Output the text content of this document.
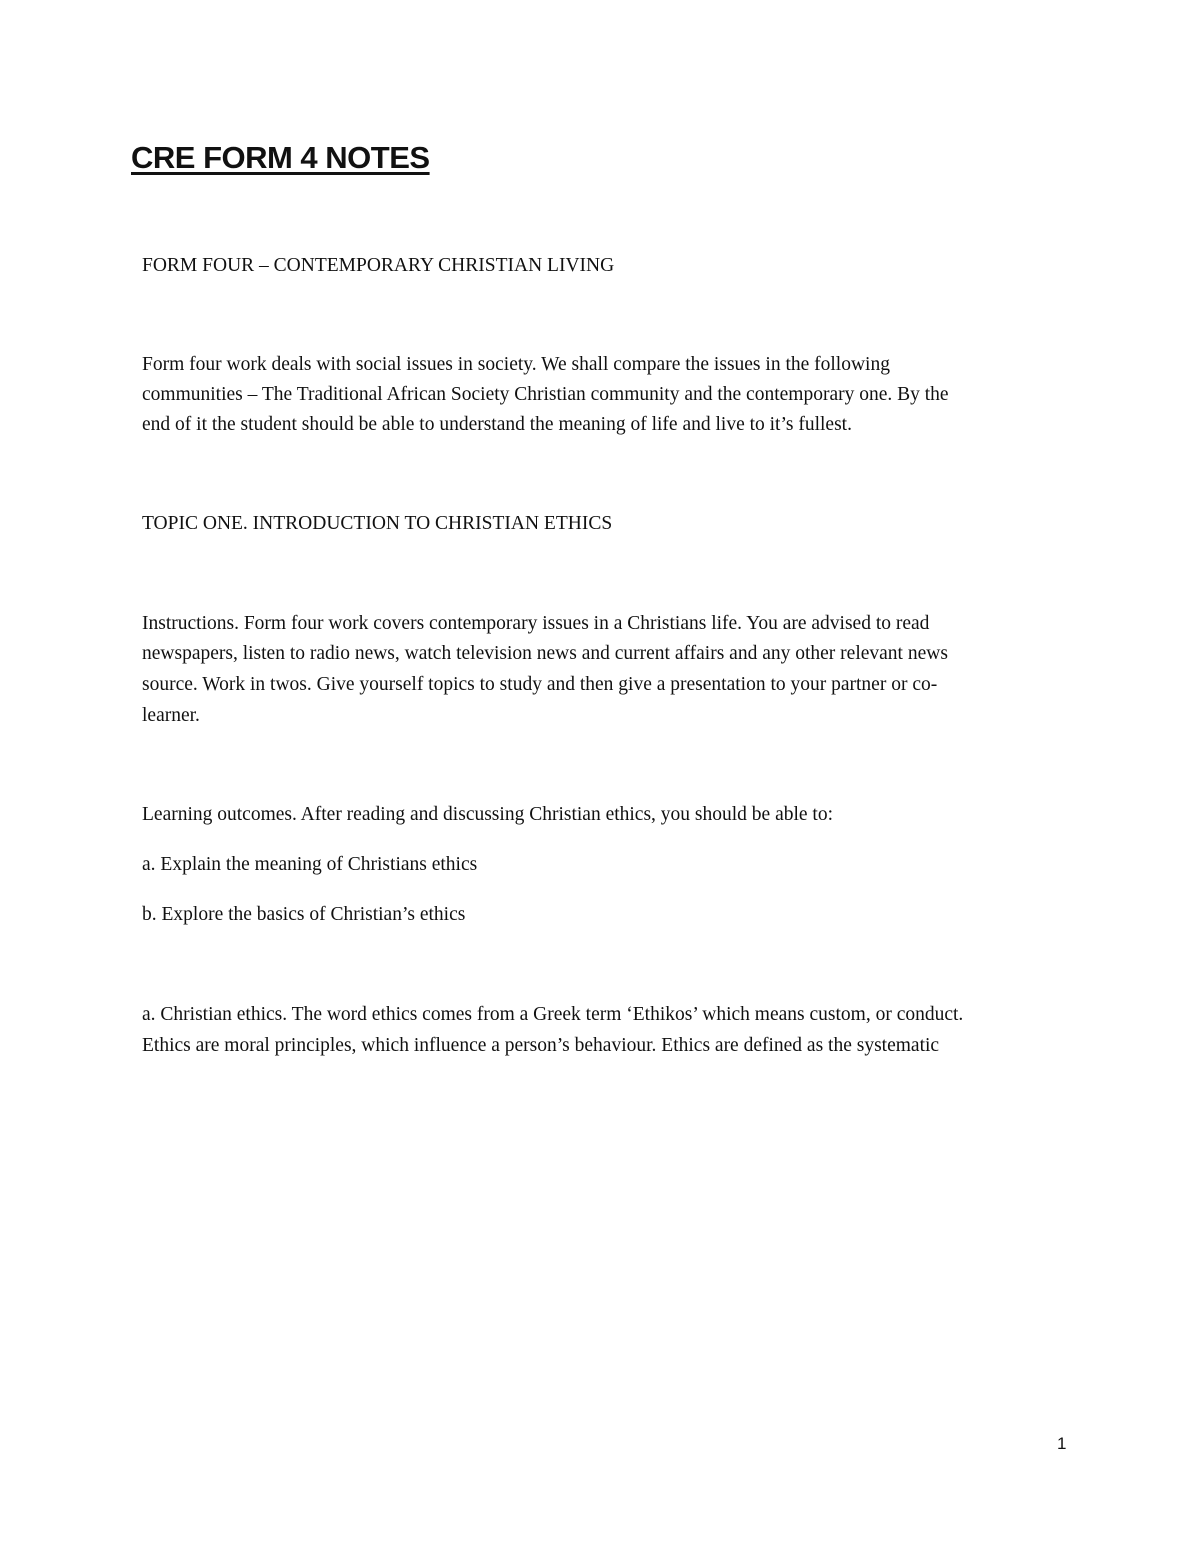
CRE FORM 4 NOTES
FORM FOUR – CONTEMPORARY CHRISTIAN LIVING
Form four work deals with social issues in society. We shall compare the issues in the following
communities – The Traditional African Society Christian community and the contemporary one. By the
end of it the student should be able to understand the meaning of life and live to it’s fullest.
TOPIC ONE. INTRODUCTION TO CHRISTIAN ETHICS
Instructions. Form four work covers contemporary issues in a Christians life. You are advised to read
newspapers, listen to radio news, watch television news and current affairs and any other relevant news
source. Work in twos. Give yourself topics to study and then give a presentation to your partner or co-
learner.
Learning outcomes. After reading and discussing Christian ethics, you should be able to:
a. Explain the meaning of Christians ethics
b. Explore the basics of Christian’s ethics
a. Christian ethics. The word ethics comes from a Greek term ‘Ethikos’ which means custom, or conduct.
Ethics are moral principles, which influence a person’s behaviour. Ethics are defined as the systematic
1
